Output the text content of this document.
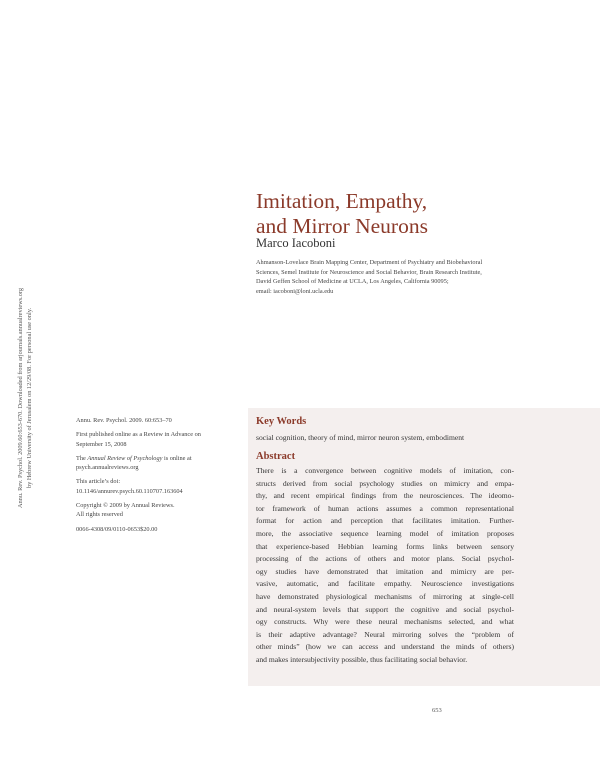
Annu. Rev. Psychol. 2009.60:653-670. Downloaded from arjournals.annualreviews.org by Hebrew University of Jerusalem on 12/29/08. For personal use only.
Imitation, Empathy,
and Mirror Neurons
Marco Iacoboni
Ahmanson-Lovelace Brain Mapping Center, Department of Psychiatry and Biobehavioral
Sciences, Semel Institute for Neuroscience and Social Behavior, Brain Research Institute,
David Geffen School of Medicine at UCLA, Los Angeles, California 90095;
email: iacoboni@loni.ucla.edu
Annu. Rev. Psychol. 2009. 60:653–70
First published online as a Review in Advance on
September 15, 2008
The Annual Review of Psychology is online at
psych.annualreviews.org
This article’s doi:
10.1146/annurev.psych.60.110707.163604
Copyright © 2009 by Annual Reviews.
All rights reserved
0066-4308/09/0110-0653$20.00
Key Words
social cognition, theory of mind, mirror neuron system, embodiment
Abstract
There is a convergence between cognitive models of imitation, con-
structs derived from social psychology studies on mimicry and empa-
thy, and recent empirical findings from the neurosciences. The ideomo-
tor framework of human actions assumes a common representational
format for action and perception that facilitates imitation. Further-
more, the associative sequence learning model of imitation proposes
that experience-based Hebbian learning forms links between sensory
processing of the actions of others and motor plans. Social psychol-
ogy studies have demonstrated that imitation and mimicry are per-
vasive, automatic, and facilitate empathy. Neuroscience investigations
have demonstrated physiological mechanisms of mirroring at single-cell
and neural-system levels that support the cognitive and social psychol-
ogy constructs. Why were these neural mechanisms selected, and what
is their adaptive advantage? Neural mirroring solves the “problem of
other minds” (how we can access and understand the minds of others)
and makes intersubjectivity possible, thus facilitating social behavior.
653
